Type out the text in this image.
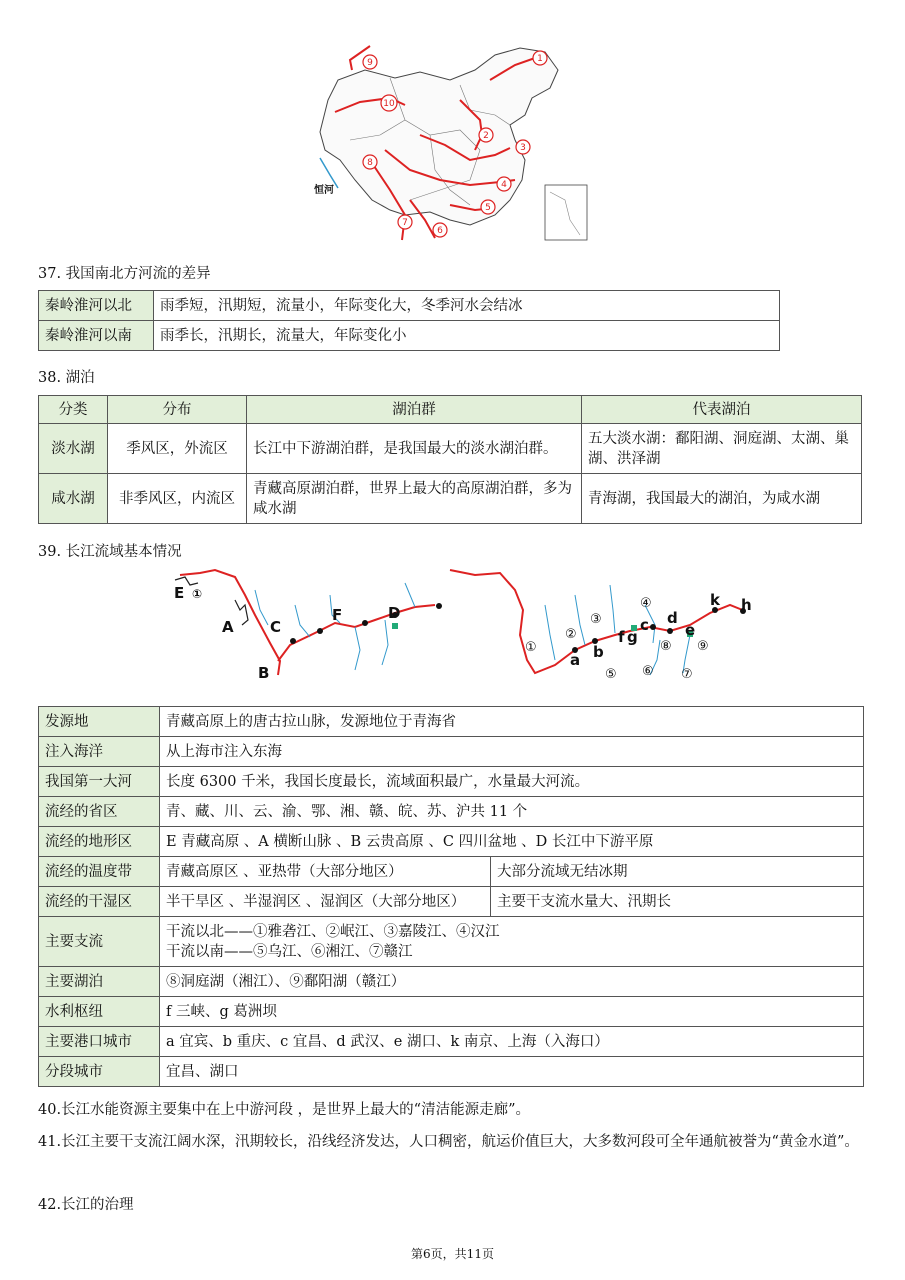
1
2
3
4
5
6
7
8
9
10
恒河
37. 我国南北方河流的差异
秦岭淮河以北	雨季短，汛期短，流量小，年际变化大，冬季河水会结冰
秦岭淮河以南	雨季长，汛期长，流量大，年际变化小
38. 湖泊
分类	分布	湖泊群	代表湖泊
淡水湖	季风区，外流区	长江中下游湖泊群，是我国最大的淡水湖泊群。	五大淡水湖：鄱阳湖、洞庭湖、太湖、巢湖、洪泽湖
咸水湖	非季风区，内流区	青藏高原湖泊群，世界上最大的高原湖泊群，多为咸水湖	青海湖，我国最大的湖泊，为咸水湖
39. 长江流域基本情况
E ①
A
B
C
F	D
①
②
③
④
a b
f g
c d
e
k h
⑤ ⑥ ⑦
⑧ ⑨
发源地	青藏高原上的唐古拉山脉，发源地位于青海省	
注入海洋	从上海市注入东海	
我国第一大河	长度 6300 千米，我国长度最长，流域面积最广，水量最大河流。	
流经的省区	青、藏、川、云、渝、鄂、湘、赣、皖、苏、沪共 11 个	
流经的地形区	E 青藏高原 、A 横断山脉 、B 云贵高原 、C 四川盆地 、D 长江中下游平原	
流经的温度带	青藏高原区 、亚热带（大部分地区）	大部分流域无结冰期
流经的干湿区	半干旱区 、半湿润区 、湿润区（大部分地区）	主要干支流水量大、汛期长
主要支流	干流以北——①雅砻江、②岷江、③嘉陵江、④汉江
干流以南——⑤乌江、⑥湘江、⑦赣江	

主要湖泊	⑧洞庭湖（湘江）、⑨鄱阳湖（赣江）	
水利枢纽	f 三峡、g 葛洲坝	
主要港口城市	a 宜宾、b 重庆、c 宜昌、d 武汉、e 湖口、k 南京、上海（入海口）	
分段城市	宜昌、湖口	
40.长江水能资源主要集中在上中游河段 ，是世界上最大的“清洁能源走廊”。
41.长江主要干支流江阔水深，汛期较长，沿线经济发达，人口稠密，航运价值巨大，大多数河段可全年通航被誉为“黄金水道”。
42.长江的治理
第6页，共11页
